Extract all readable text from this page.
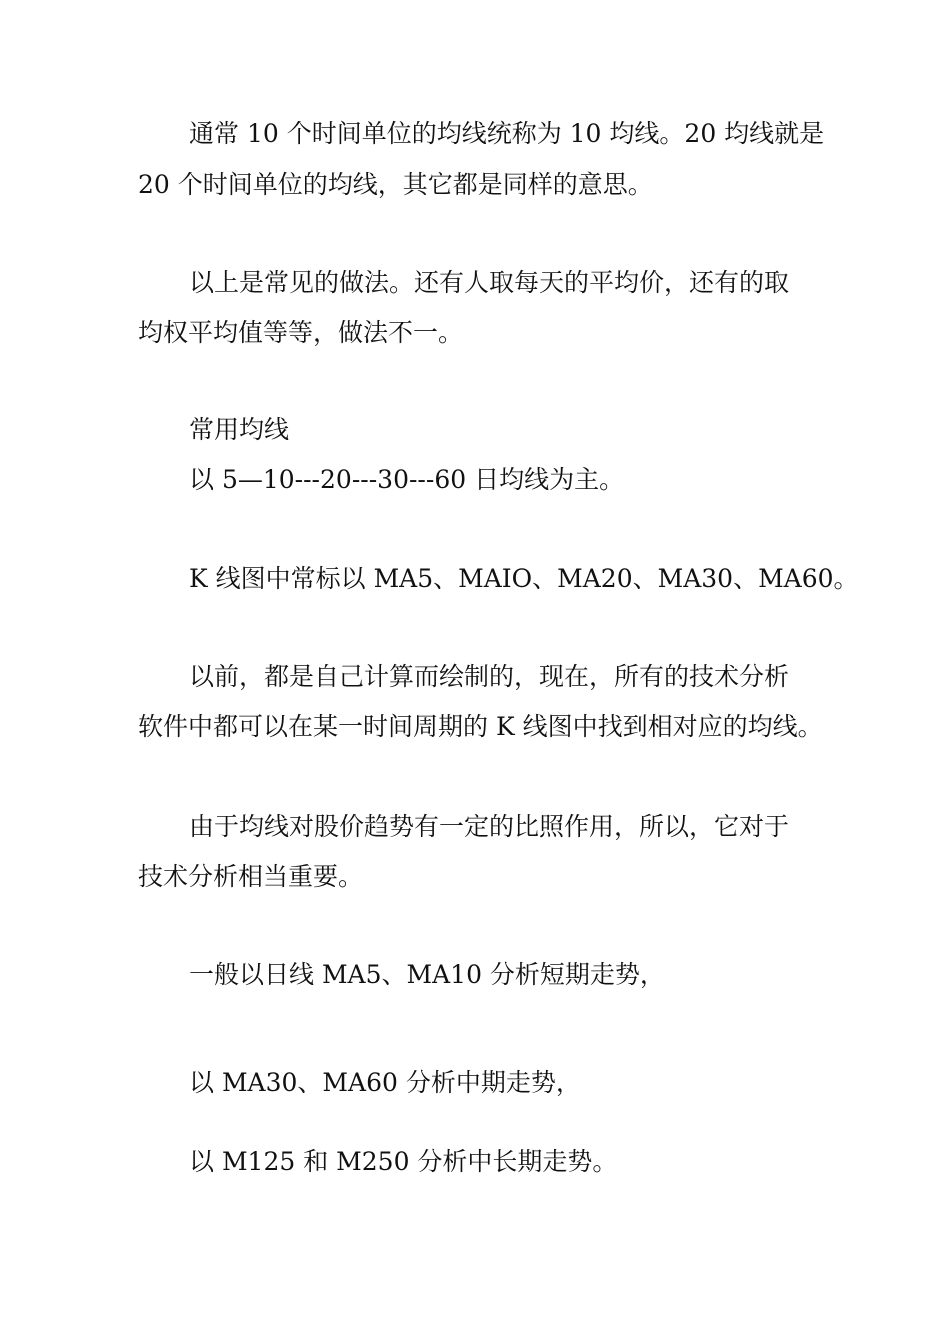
通常 10 个时间单位的均线统称为 10 均线。20 均线就是
20 个时间单位的均线，其它都是同样的意思。
以上是常见的做法。还有人取每天的平均价，还有的取
均权平均值等等，做法不一。
常用均线
以 5—10---20---30---60 日均线为主。
K 线图中常标以 MA5、MAIO、MA20、MA30、MA60。
以前，都是自己计算而绘制的，现在，所有的技术分析
软件中都可以在某一时间周期的 K 线图中找到相对应的均线。
由于均线对股价趋势有一定的比照作用，所以，它对于
技术分析相当重要。
一般以日线 MA5、MA10 分析短期走势，
以 MA30、MA60 分析中期走势，
以 M125 和 M250 分析中长期走势。
